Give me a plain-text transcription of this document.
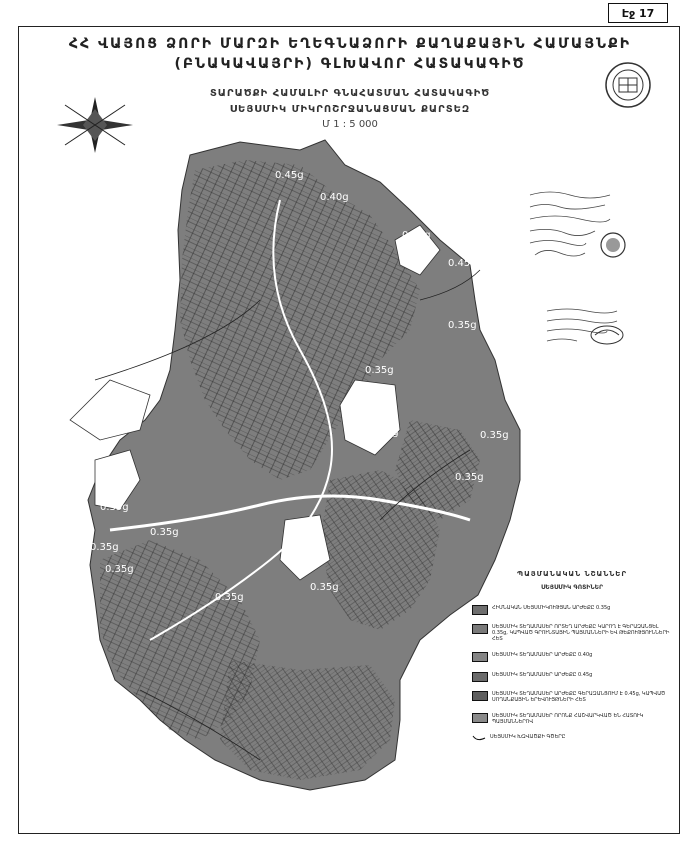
Էջ 17
ՀՀ ՎԱՅՈՑ ՁՈՐԻ ՄԱՐԶԻ ԵՂԵԳՆԱՁՈՐԻ ՔԱՂԱՔԱՅԻՆ ՀԱՄԱՅՆՔԻ
(ԲՆԱԿԱՎԱՅՐԻ) ԳԼԽԱՎՈՐ ՀԱՏԱԿԱԳԻԾ
ՏԱՐԱԾՔԻ ՀԱՄԱԼԻՐ ԳՆԱՀԱՏՄԱՆ ՀԱՏԱԿԱԳԻԾ
ՍԵՅՍՄԻԿ ՄԻԿՐՈՇՐՋԱՆԱՑՄԱՆ ՔԱՐՏԵԶ
Մ 1 : 5 000
0.45g
0.40g
0.45g
0.45g
0.35g
0.35g
0.35g
0.35g	0.35g
0.35g
0.35g
0.35g
0.35g
0.35g
0.35g
0.35g
ՊԱՅՄԱՆԱԿԱՆ ՆՇԱՆՆԵՐ
ՍԵՅՍՄԻԿ ԳՈՏԻՆԵՐ
ՀԻՄՆԱԿԱՆ ՍԵՅՍՄԻԿՈՒԹՅԱՆ ԱՐԺԵՔԸ 0.35g
ՍԵՅՍՄԻԿ ՏԵՂԱՄԱՍԵՐ ՈՐՏԵՂ ԱՐԺԵՔԸ ԿԱՐՈՂ Է ԳԵՐԱԶԱՆՑԵԼ 0.35g, ԿԱՊՎԱԾ ԳՐՈՒՆՏԱՅԻՆ ՊԱՅՄԱՆՆԵՐԻ ԵՎ ԹԵՔՈՒԹՅՈՒՆՆԵՐԻ ՀԵՏ
ՍԵՅՍՄԻԿ ՏԵՂԱՄԱՍԵՐ ԱՐԺԵՔԸ 0.40g
ՍԵՅՍՄԻԿ ՏԵՂԱՄԱՍԵՐ ԱՐԺԵՔԸ 0.45g
ՍԵՅՍՄԻԿ ՏԵՂԱՄԱՍԵՐ ԱՐԺԵՔԸ ԳԵՐԱԶԱՆՑՈՒՄ Է 0.45g, ԿԱՊՎԱԾ ՍՈՂԱՆՔԱՅԻՆ ԵՐԵՎՈՒՅԹՆԵՐԻ ՀԵՏ
ՍԵՅՍՄԻԿ ՏԵՂԱՄԱՍԵՐ ՈՐՈՆՔ ՀԱՇՎԱՐԿՎԱԾ ԵՆ ՀԱՏՈՒԿ ՊԱՅՄԱՆՆԵՐՈՎ
ՍԵՅՍՄԻԿ ԽԶՎԱԾՔԻ ԳԾԵՐԸ
